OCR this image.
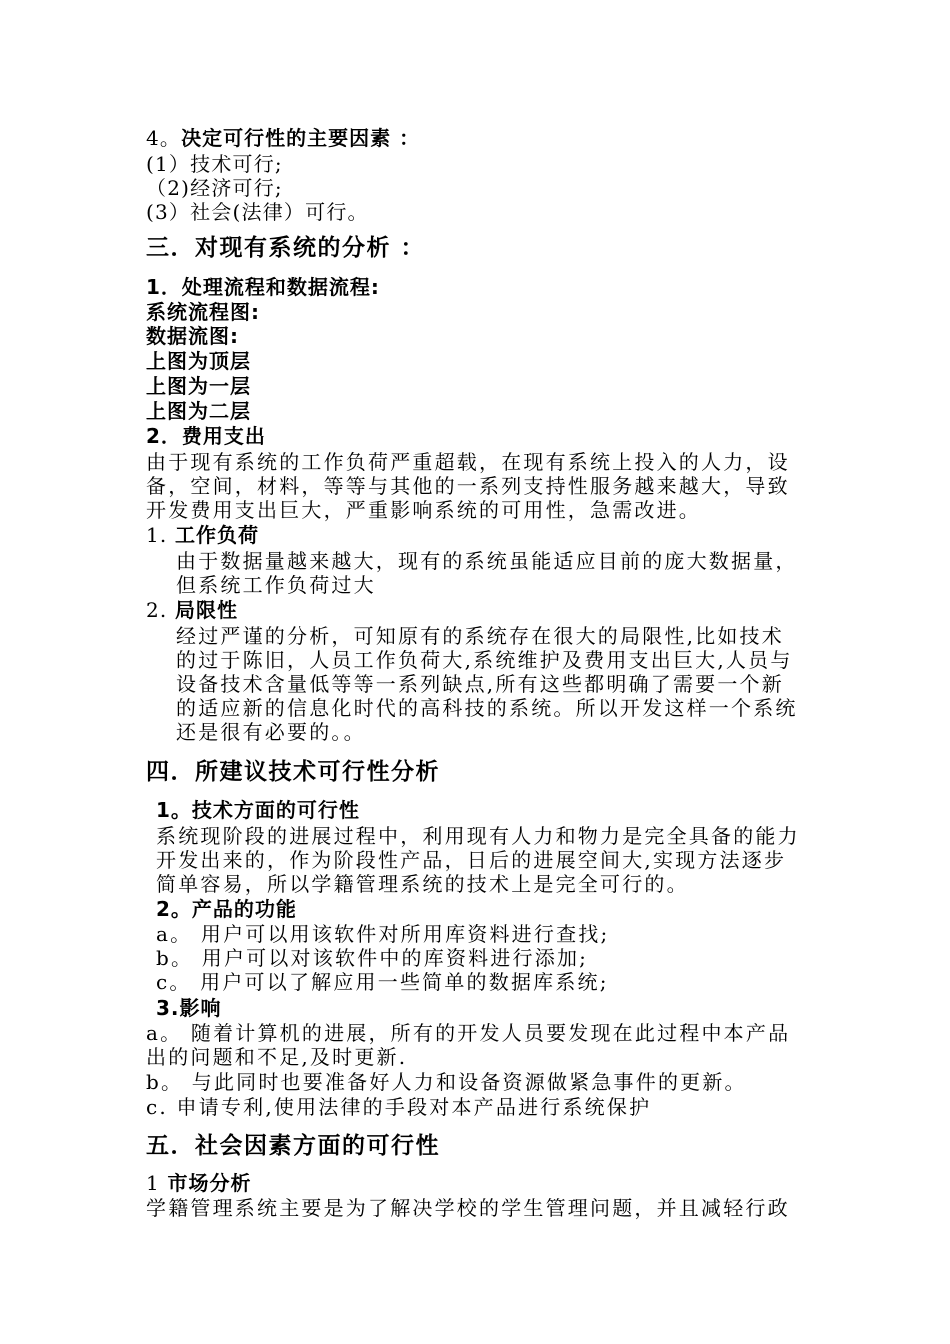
4。决定可行性的主要因素 ：
(1）技术可行;
（2)经济可行;
(3）社会(法律）可行。
三．对现有系统的分析 ：
1．处理流程和数据流程:
系统流程图:
数据流图:
上图为顶层
上图为一层
上图为二层
2．费用支出
由于现有系统的工作负荷严重超载，在现有系统上投入的人力，设
备，空间，材料，等等与其他的一系列支持性服务越来越大，导致
开发费用支出巨大，严重影响系统的可用性，急需改进。
1. 工作负荷
由于数据量越来越大，现有的系统虽能适应目前的庞大数据量，
但系统工作负荷过大
2. 局限性
经过严谨的分析，可知原有的系统存在很大的局限性,比如技术
的过于陈旧，人员工作负荷大,系统维护及费用支出巨大,人员与
设备技术含量低等等一系列缺点,所有这些都明确了需要一个新
的适应新的信息化时代的高科技的系统。所以开发这样一个系统
还是很有必要的。。
四．所建议技术可行性分析
1。技术方面的可行性
系统现阶段的进展过程中，利用现有人力和物力是完全具备的能力
开发出来的，作为阶段性产品，日后的进展空间大,实现方法逐步
简单容易，所以学籍管理系统的技术上是完全可行的。
2。产品的功能
a。 用户可以用该软件对所用库资料进行查找;
b。 用户可以对该软件中的库资料进行添加;
c。 用户可以了解应用一些简单的数据库系统;
3.影响
a。 随着计算机的进展，所有的开发人员要发现在此过程中本产品
出的问题和不足,及时更新.
b。 与此同时也要准备好人力和设备资源做紧急事件的更新。
c. 申请专利,使用法律的手段对本产品进行系统保护
五．社会因素方面的可行性
1 市场分析
学籍管理系统主要是为了解决学校的学生管理问题，并且减轻行政
